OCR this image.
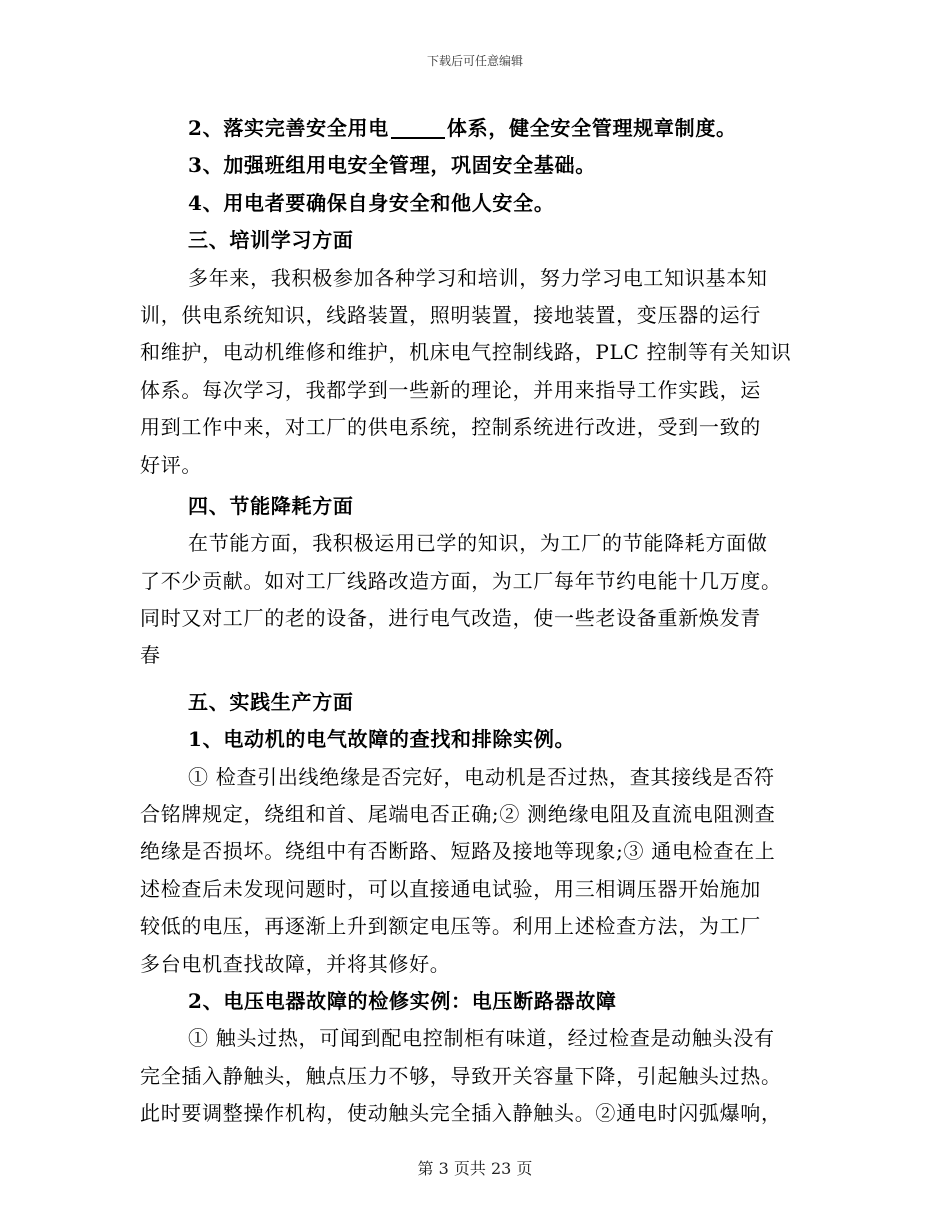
下载后可任意编辑
2、落实完善安全用电	体系，健全安全管理规章制度。
3、加强班组用电安全管理，巩固安全基础。
4、用电者要确保自身安全和他人安全。
三、培训学习方面
多年来，我积极参加各种学习和培训，努力学习电工知识基本知
训，供电系统知识，线路装置，照明装置，接地装置，变压器的运行
和维护，电动机维修和维护，机床电气控制线路，PLC 控制等有关知识
体系。每次学习，我都学到一些新的理论，并用来指导工作实践，运
用到工作中来，对工厂的供电系统，控制系统进行改进，受到一致的
好评。
四、节能降耗方面
在节能方面，我积极运用已学的知识，为工厂的节能降耗方面做
了不少贡献。如对工厂线路改造方面，为工厂每年节约电能十几万度。
同时又对工厂的老的设备，进行电气改造，使一些老设备重新焕发青
春
五、实践生产方面
1、电动机的电气故障的查找和排除实例。
① 检查引出线绝缘是否完好，电动机是否过热，查其接线是否符
合铭牌规定，绕组和首、尾端电否正确;② 测绝缘电阻及直流电阻测查
绝缘是否损坏。绕组中有否断路、短路及接地等现象;③ 通电检查在上
述检查后未发现问题时，可以直接通电试验，用三相调压器开始施加
较低的电压，再逐渐上升到额定电压等。利用上述检查方法，为工厂
多台电机查找故障，并将其修好。
2、电压电器故障的检修实例：电压断路器故障
① 触头过热，可闻到配电控制柜有味道，经过检查是动触头没有
完全插入静触头，触点压力不够，导致开关容量下降，引起触头过热。
此时要调整操作机构，使动触头完全插入静触头。②通电时闪弧爆响，
第 3 页共 23 页
